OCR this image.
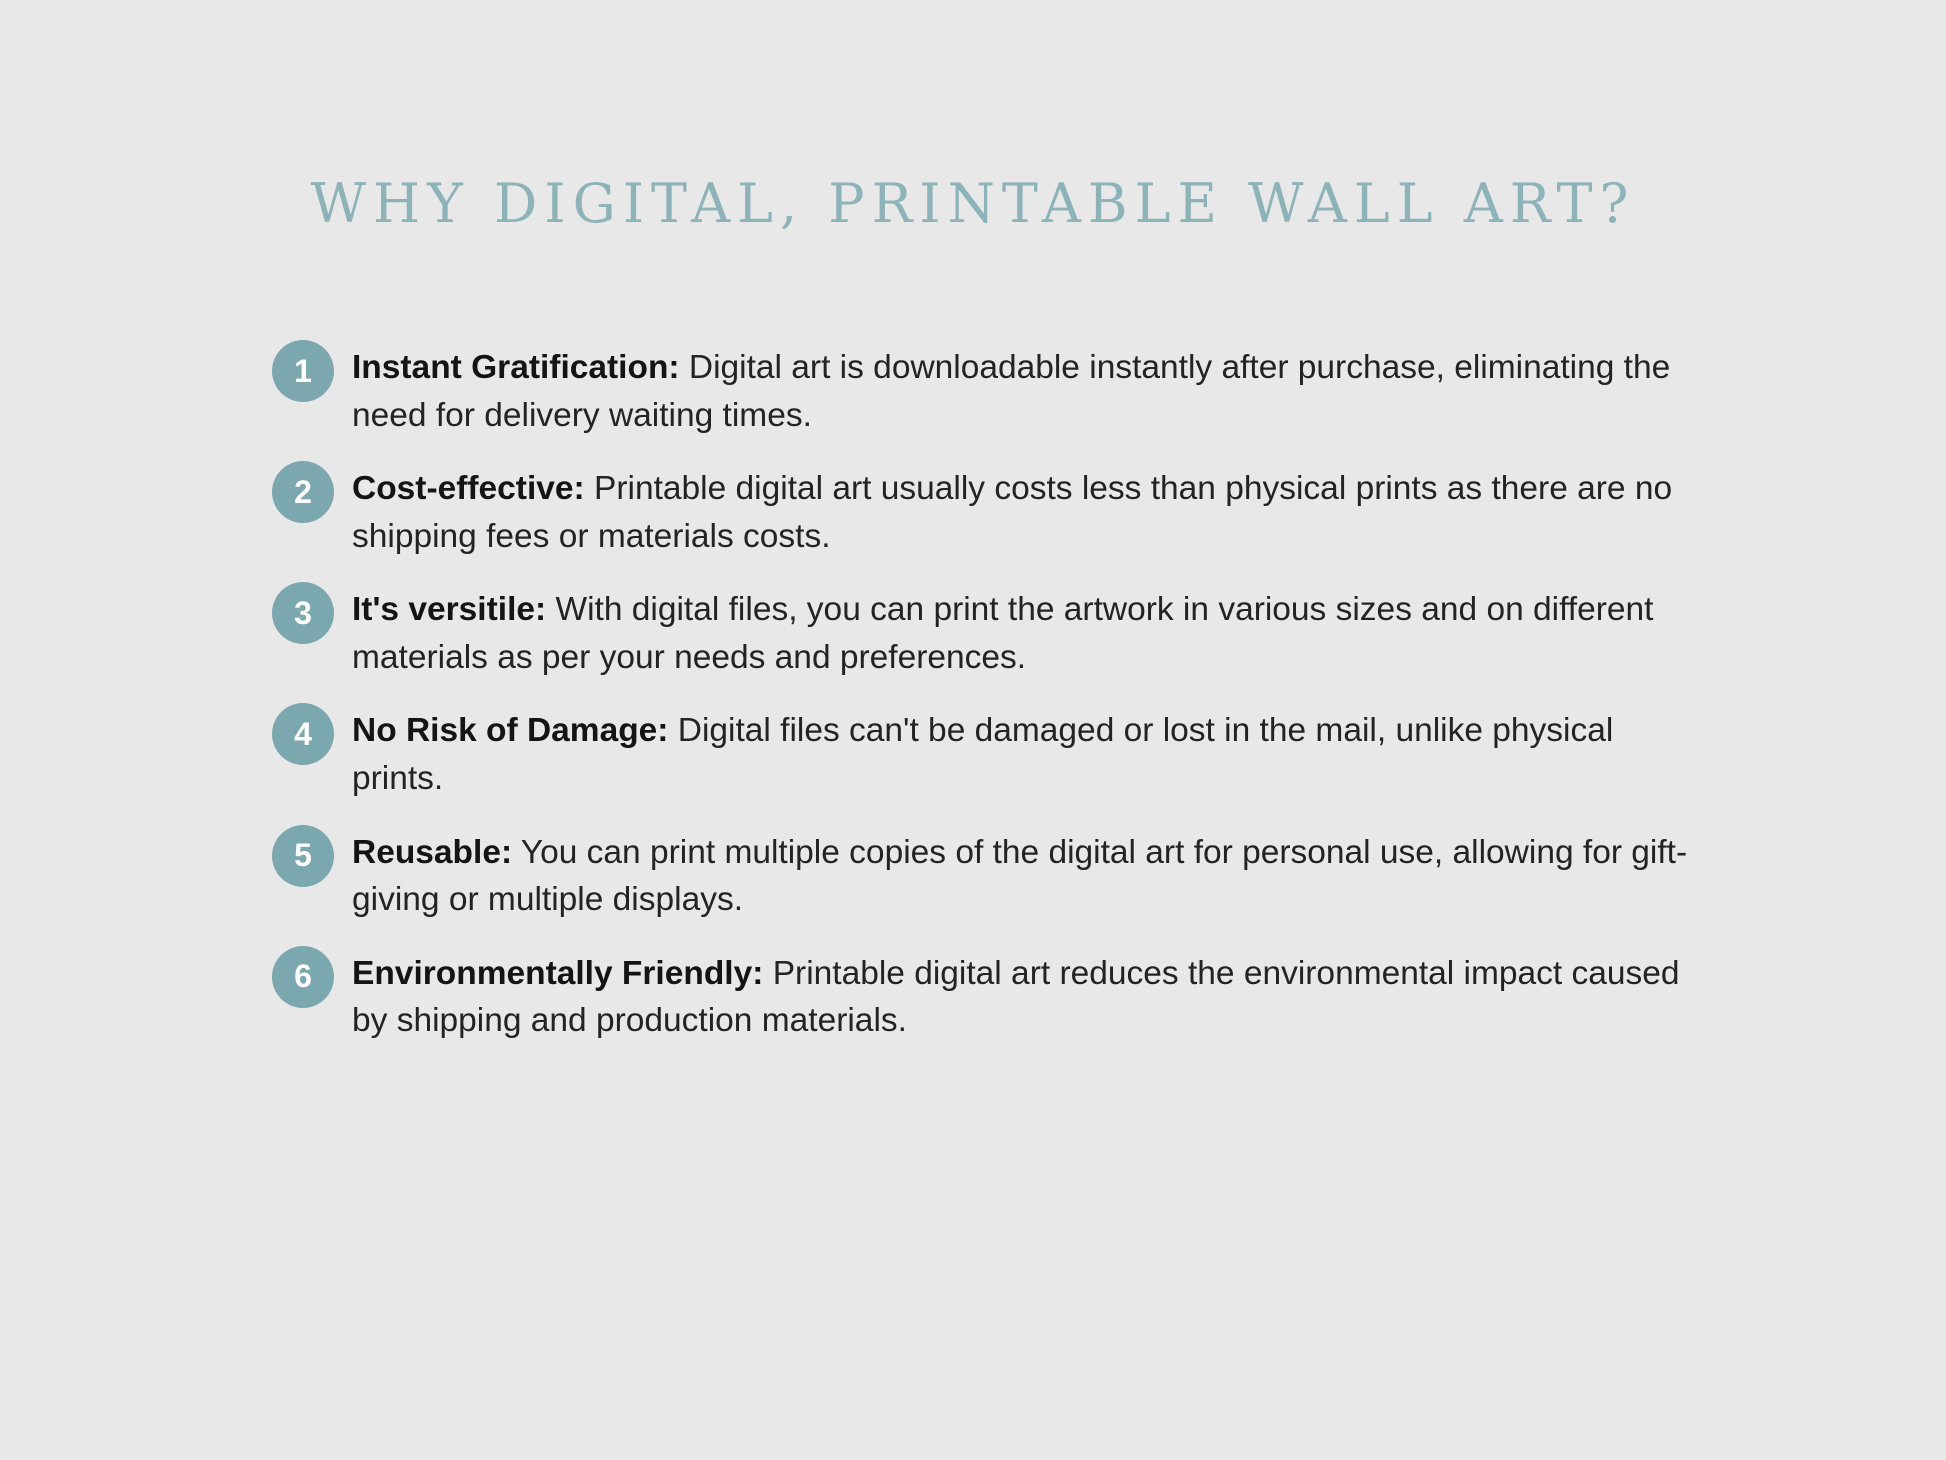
WHY DIGITAL, PRINTABLE WALL ART?
1	Instant Gratification: Digital art is downloadable instantly after purchase, eliminating the need for delivery waiting times.
2	Cost-effective: Printable digital art usually costs less than physical prints as there are no shipping fees or materials costs.
3	It's versitile: With digital files, you can print the artwork in various sizes and on different materials as per your needs and preferences.
4	No Risk of Damage: Digital files can't be damaged or lost in the mail, unlike physical prints.
5	Reusable: You can print multiple copies of the digital art for personal use, allowing for gift-giving or multiple displays.
6	Environmentally Friendly: Printable digital art reduces the environmental impact caused by shipping and production materials.
